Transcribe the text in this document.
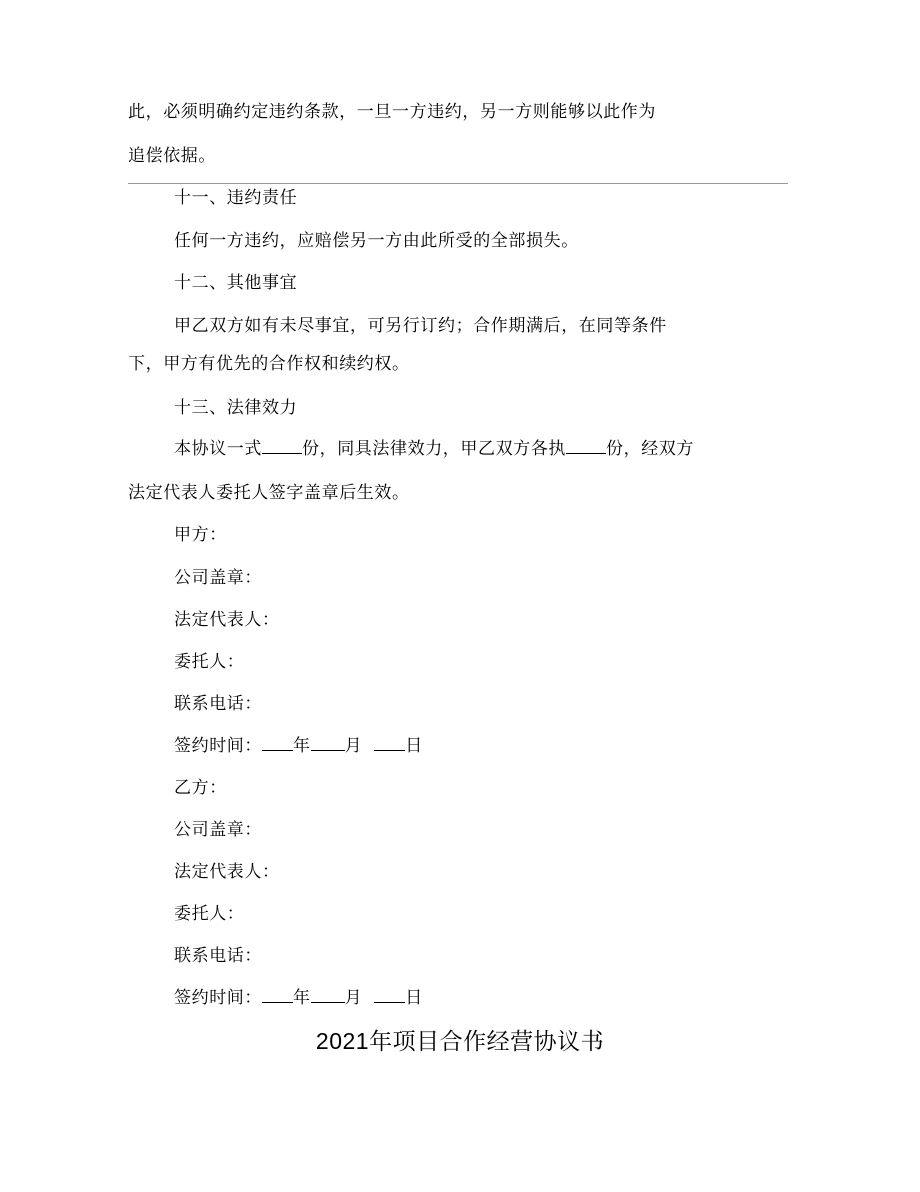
此，必须明确约定违约条款，一旦一方违约，另一方则能够以此作为
追偿依据。
十一、违约责任
任何一方违约，应赔偿另一方由此所受的全部损失。
十二、其他事宜
甲乙双方如有未尽事宜，可另行订约；合作期满后，在同等条件
下，甲方有优先的合作权和续约权。
十三、法律效力
本协议一式 份，同具法律效力，甲乙双方各执 份，经双方
法定代表人委托人签字盖章后生效。
甲方：
公司盖章：
法定代表人：
委托人：
联系电话：
签约时间： 年 月	日
乙方：
公司盖章：
法定代表人：
委托人：
联系电话：
签约时间： 年 月	日
2021年项目合作经营协议书
